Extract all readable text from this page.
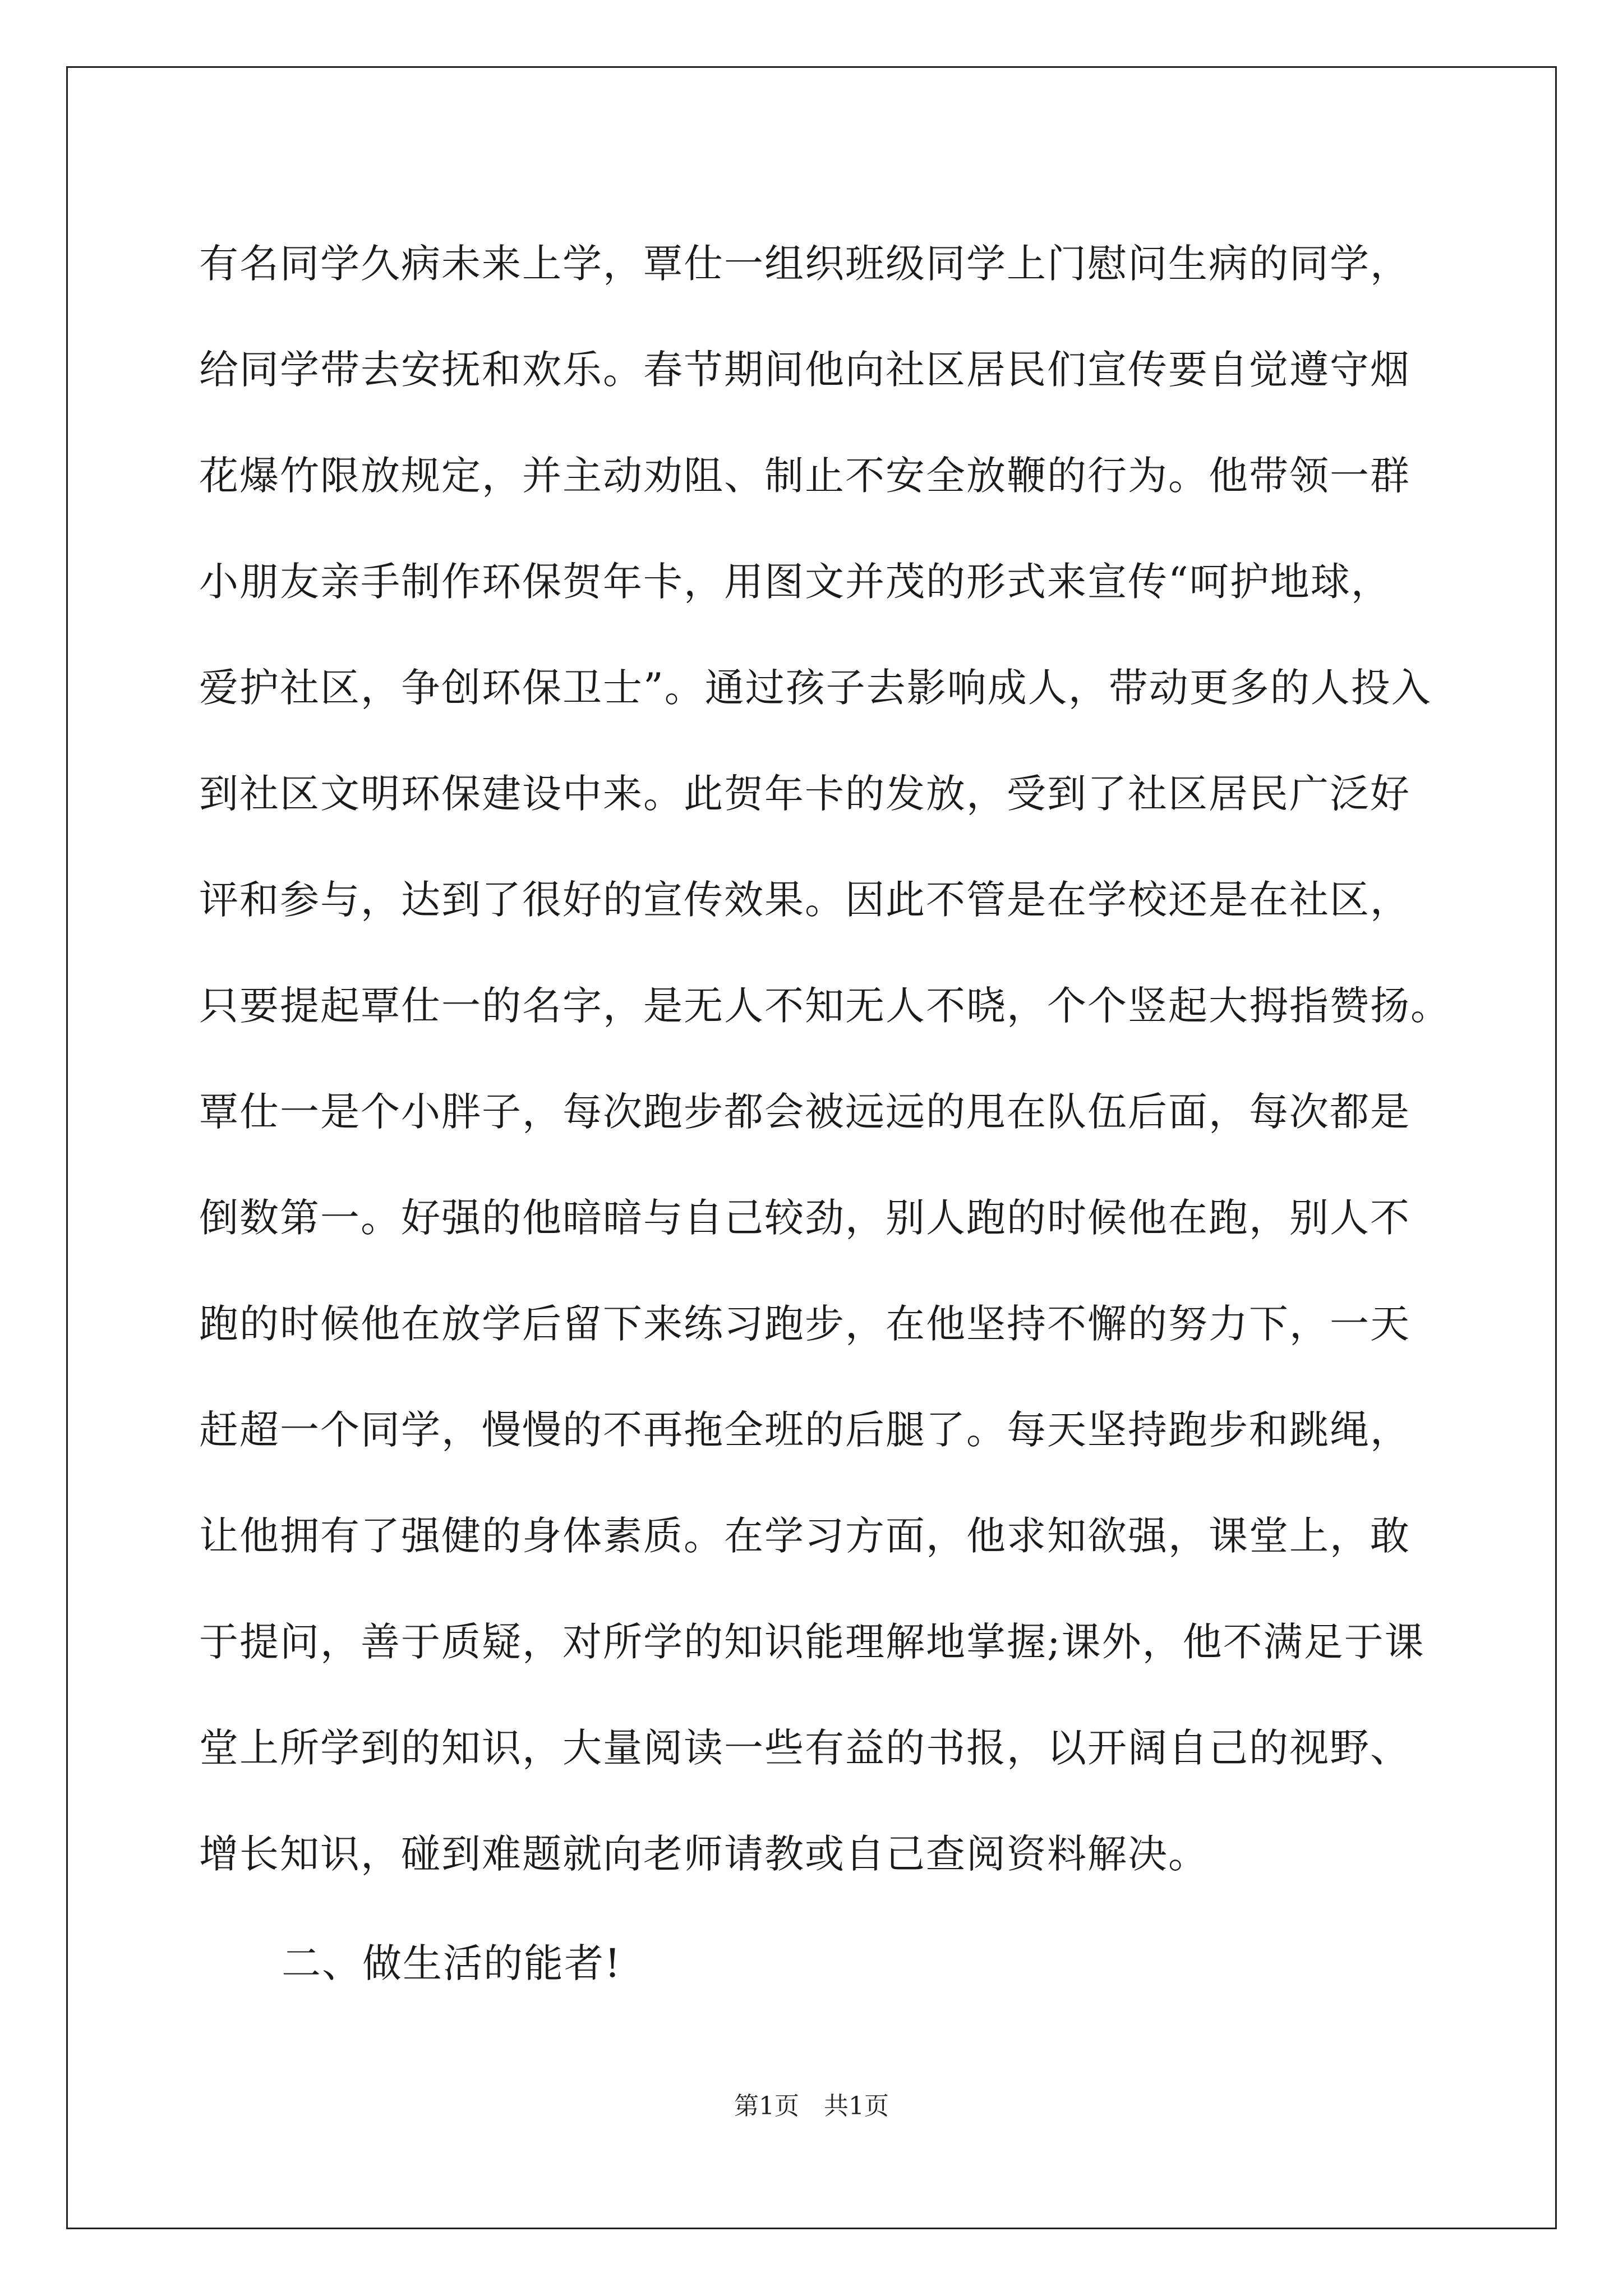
有名同学久病未来上学，覃仕一组织班级同学上门慰问生病的同学，
给同学带去安抚和欢乐。春节期间他向社区居民们宣传要自觉遵守烟
花爆竹限放规定，并主动劝阻、制止不安全放鞭的行为。他带领一群
小朋友亲手制作环保贺年卡，用图文并茂的形式来宣传“呵护地球，
爱护社区，争创环保卫士”。通过孩子去影响成人，带动更多的人投入
到社区文明环保建设中来。此贺年卡的发放，受到了社区居民广泛好
评和参与，达到了很好的宣传效果。因此不管是在学校还是在社区，
只要提起覃仕一的名字，是无人不知无人不晓，个个竖起大拇指赞扬。
覃仕一是个小胖子，每次跑步都会被远远的甩在队伍后面，每次都是
倒数第一。好强的他暗暗与自己较劲，别人跑的时候他在跑，别人不
跑的时候他在放学后留下来练习跑步，在他坚持不懈的努力下，一天
赶超一个同学，慢慢的不再拖全班的后腿了。每天坚持跑步和跳绳，
让他拥有了强健的身体素质。在学习方面，他求知欲强，课堂上，敢
于提问，善于质疑，对所学的知识能理解地掌握;课外，他不满足于课
堂上所学到的知识，大量阅读一些有益的书报，以开阔自己的视野、
增长知识，碰到难题就向老师请教或自己查阅资料解决。
二、做生活的能者!
第1页　共1页
